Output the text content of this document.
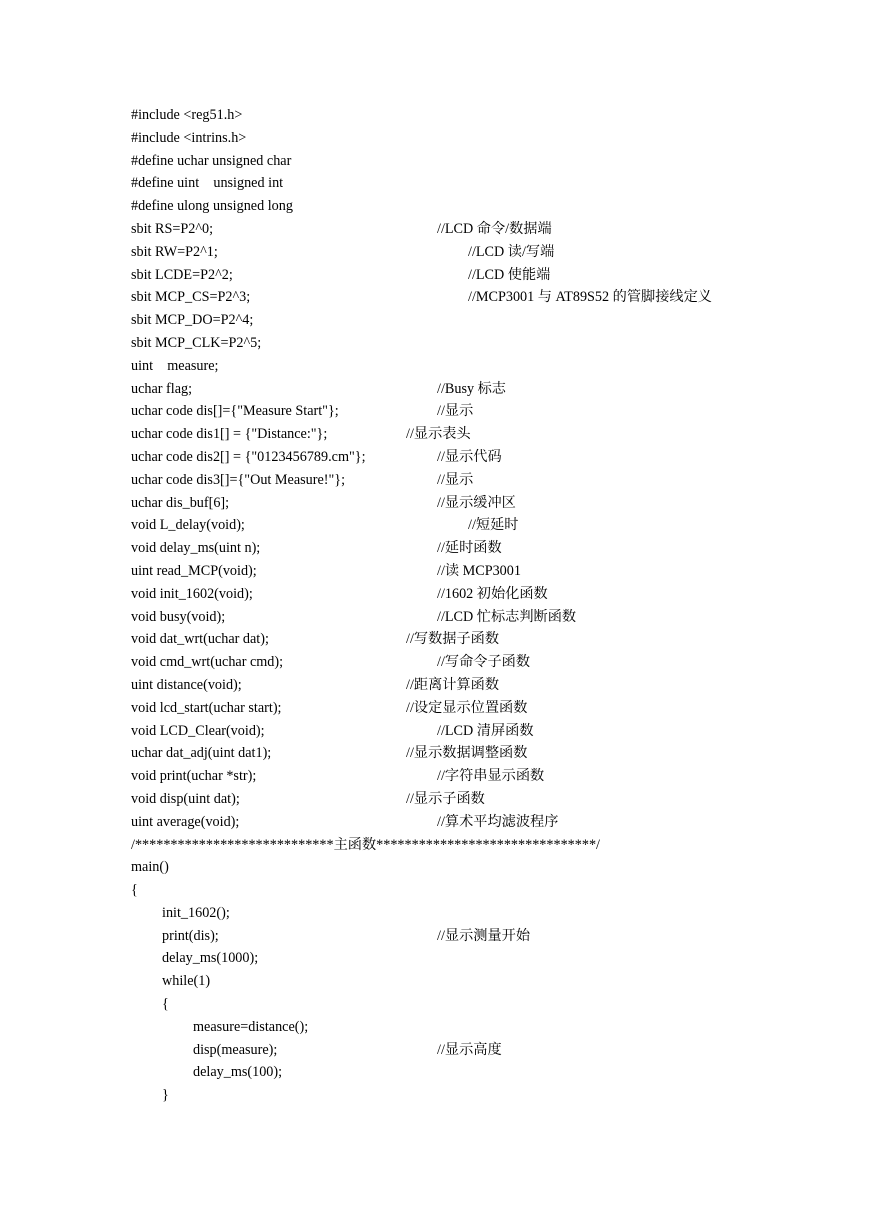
#include <reg51.h>

#include <intrins.h>

#define uchar unsigned char

#define uint    unsigned int

#define ulong unsigned long

sbit RS=P2^0;

	//LCD 命令/数据端

sbit RW=P2^1;

	//LCD 读/写端

sbit LCDE=P2^2;

	//LCD 使能端

sbit MCP_CS=P2^3;

	//MCP3001 与 AT89S52 的管脚接线定义

sbit MCP_DO=P2^4;

sbit MCP_CLK=P2^5;

uint    measure;

uchar flag;

	//Busy 标志

uchar code dis[]={"Measure Start"};

	//显示

uchar code dis1[] = {"Distance:"};

	//显示表头

uchar code dis2[] = {"0123456789.cm"};

	//显示代码

uchar code dis3[]={"Out Measure!"};

	//显示

uchar dis_buf[6];

	//显示缓冲区

void L_delay(void);

	//短延时

void delay_ms(uint n);

	//延时函数

uint read_MCP(void);

	//读 MCP3001

void init_1602(void);

	//1602 初始化函数

void busy(void);

	//LCD 忙标志判断函数

void dat_wrt(uchar dat);

	//写数据子函数

void cmd_wrt(uchar cmd);

	//写命令子函数

uint distance(void);

	//距离计算函数

void lcd_start(uchar start);

	//设定显示位置函数

void LCD_Clear(void);

	//LCD 清屏函数

uchar dat_adj(uint dat1);

	//显示数据调整函数

void print(uchar *str);

	//字符串显示函数

void disp(uint dat);

	//显示子函数

uint average(void);

	//算术平均滤波程序

/****************************主函数*******************************/

main()

{

init_1602();

print(dis);

	//显示测量开始

delay_ms(1000);

while(1)

{

measure=distance();

disp(measure);

	//显示高度

delay_ms(100);

}
